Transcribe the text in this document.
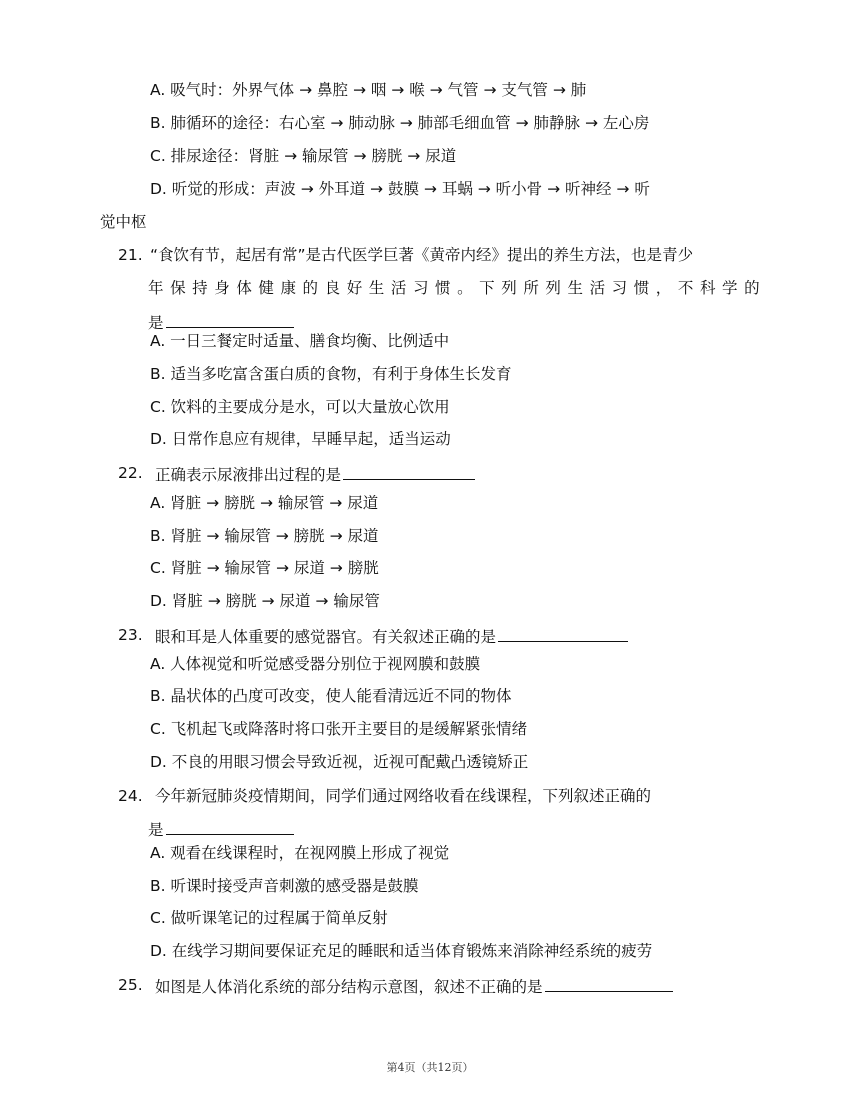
A. 吸气时：外界气体 → 鼻腔 → 咽 → 喉 → 气管 → 支气管 → 肺
B. 肺循环的途径：右心室 → 肺动脉 → 肺部毛细血管 → 肺静脉 → 左心房
C. 排尿途径：肾脏 → 输尿管 → 膀胱 → 尿道
D. 听觉的形成：声波 → 外耳道 → 鼓膜 → 耳蜗 → 听小骨 → 听神经 → 听
觉中枢
21. “食饮有节，起居有常”是古代医学巨著《黄帝内经》提出的养生方法，也是青少
年 保 持 身 体 健 康 的 良 好 生 活 习 惯 。 下 列 所 列 生 活 习 惯 ， 不 科 学 的
是
A. 一日三餐定时适量、膳食均衡、比例适中
B. 适当多吃富含蛋白质的食物，有利于身体生长发育
C. 饮料的主要成分是水，可以大量放心饮用
D. 日常作息应有规律，早睡早起，适当运动
22. 正确表示尿液排出过程的是
A. 肾脏 → 膀胱 → 输尿管 → 尿道
B. 肾脏 → 输尿管 → 膀胱 → 尿道
C. 肾脏 → 输尿管 → 尿道 → 膀胱
D. 肾脏 → 膀胱 → 尿道 → 输尿管
23. 眼和耳是人体重要的感觉器官。有关叙述正确的是
A. 人体视觉和听觉感受器分别位于视网膜和鼓膜
B. 晶状体的凸度可改变，使人能看清远近不同的物体
C. 飞机起飞或降落时将口张开主要目的是缓解紧张情绪
D. 不良的用眼习惯会导致近视，近视可配戴凸透镜矫正
24. 今年新冠肺炎疫情期间，同学们通过网络收看在线课程，下列叙述正确的
是
A. 观看在线课程时，在视网膜上形成了视觉
B. 听课时接受声音刺激的感受器是鼓膜
C. 做听课笔记的过程属于简单反射
D. 在线学习期间要保证充足的睡眠和适当体育锻炼来消除神经系统的疲劳
25. 如图是人体消化系统的部分结构示意图，叙述不正确的是
第4页（共12页）
